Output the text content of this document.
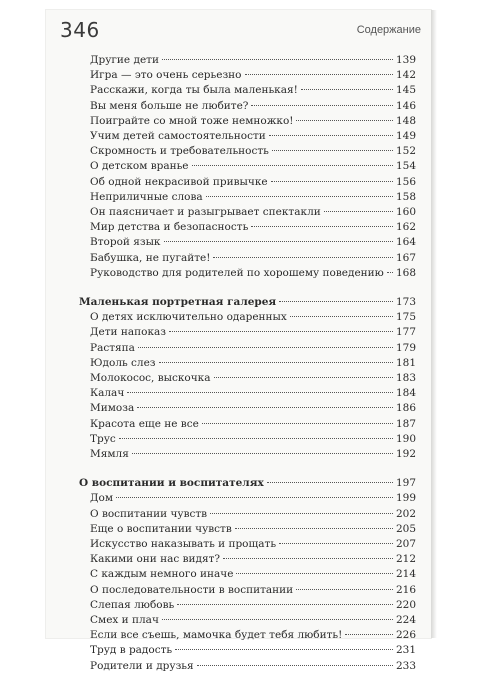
346	Содержание
Другие дети	139
Игра — это очень серьезно	142
Расскажи, когда ты была маленькая!	145
Вы меня больше не любите?	146
Поиграйте со мной тоже немножко!	148
Учим детей самостоятельности	149
Скромность и требовательность	152
О детском вранье	154
Об одной некрасивой привычке	156
Неприличные слова	158
Он паясничает и разыгрывает спектакли	160
Мир детства и безопасность	162
Второй язык	164
Бабушка, не пугайте!	167
Руководство для родителей по хорошему поведению 168
Маленькая портретная галерея	173
О детях исключительно одаренных	175
Дети напоказ	177
Растяпа	179
Юдоль слез	181
Молокосос, выскочка	183
Калач	184
Мимоза	186
Красота еще не все	187
Трус	190
Мямля	192
О воспитании и воспитателях	197
Дом	199
О воспитании чувств	202
Еще о воспитании чувств	205
Искусство наказывать и прощать	207
Какими они нас видят?	212
С каждым немного иначе	214
О последовательности в воспитании	216
Слепая любовь	220
Смех и плач	224
Если все съешь, мамочка будет тебя любить!	226
Труд в радость	231
Родители и друзья	233
